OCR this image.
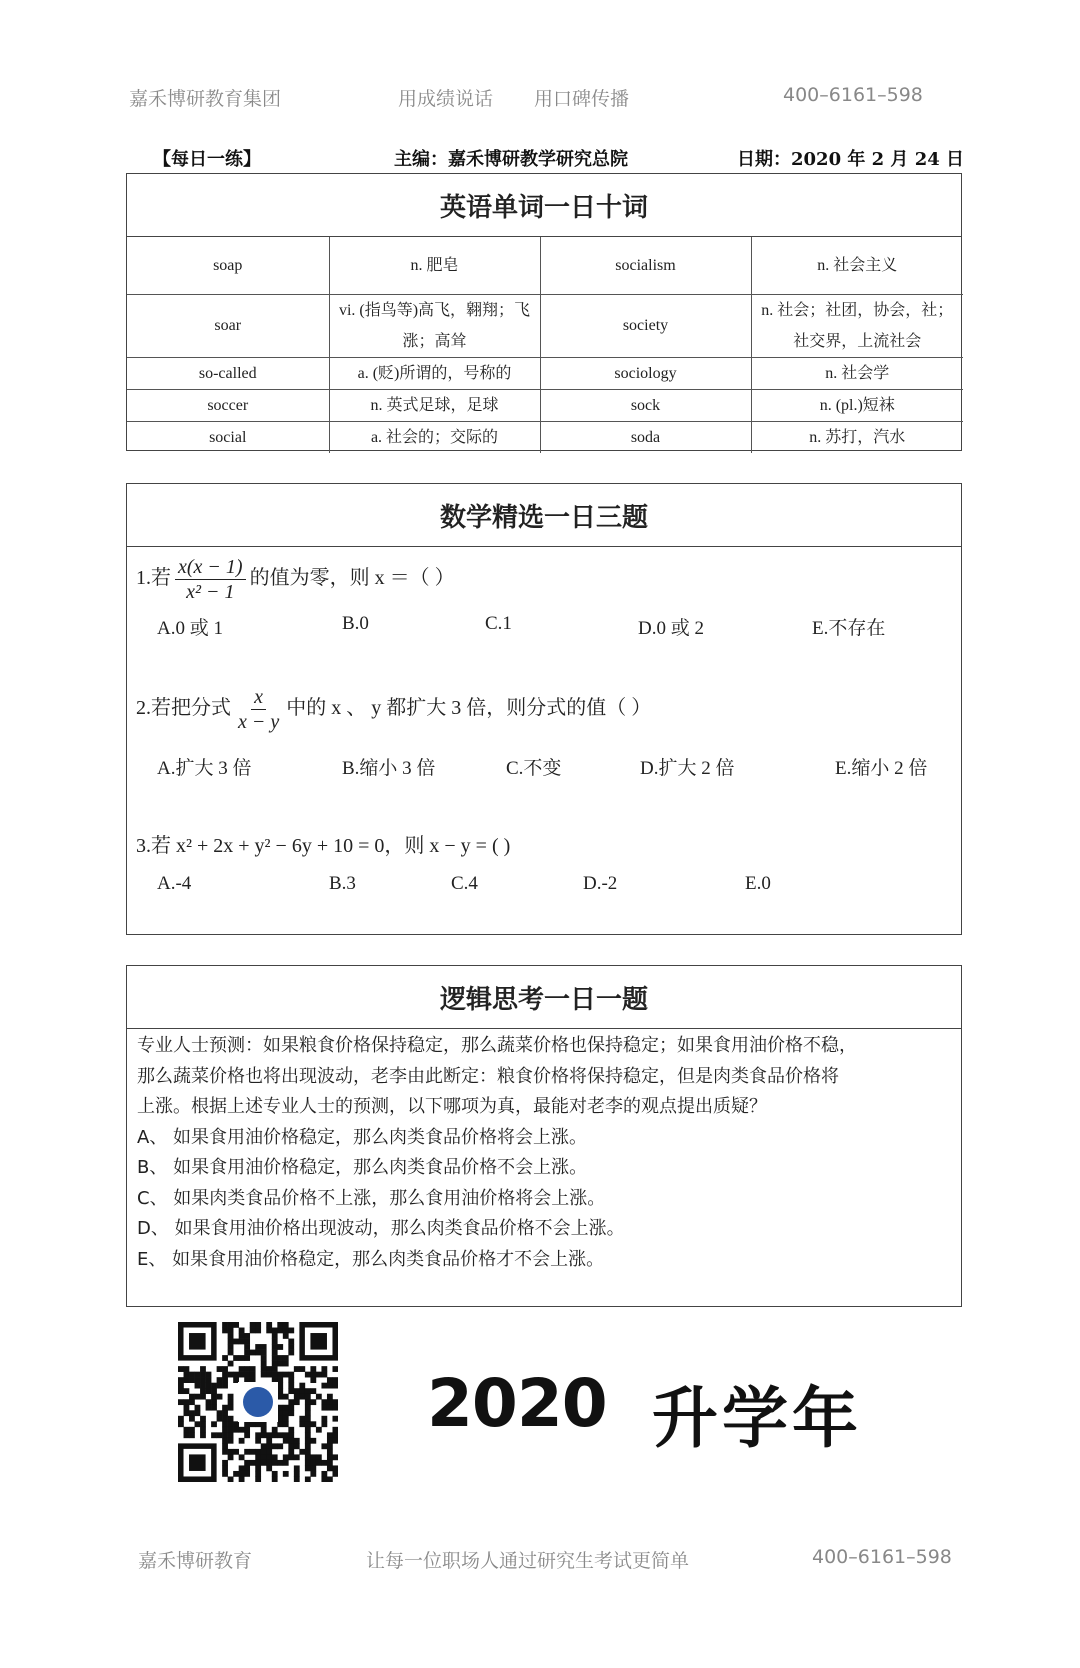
嘉禾博研教育集团	用成绩说话 用口碑传播	400–6161–598
【每日一练】	主编：嘉禾博研教学研究总院	日期：2020 年 2 月 24 日
英语单词一日十词
soap	n. 肥皂	socialism	n. 社会主义
soar	vi. (指鸟等)高飞，翱翔；飞涨；高耸	society	n. 社会；社团，协会，社；社交界，上流社会
so-called	a. (贬)所谓的，号称的	sociology	n. 社会学
soccer	n. 英式足球，足球	sock	n. (pl.)短袜
social	a. 社会的；交际的	soda	n. 苏打，汽水
数学精选一日三题
1.若 $\frac{x(x - 1)}{\text{x² − 1}}$ 的值为零，则 x ＝（ ）
A.0 或 1	B.0	C.1	D.0 或 2	E.不存在
2.若把分式 $\frac{x}{x - y}$ 中的 x 、 y 都扩大 3 倍，则分式的值（ ）
A.扩大 3 倍	B.缩小 3 倍	C.不变	D.扩大 2 倍	E.缩小 2 倍
3.若 x² + 2x + y² − 6y + 10 = 0，则 x − y = ( )
A.-4	B.3	C.4	D.-2	E.0
逻辑思考一日一题

专业人士预测：如果粮食价格保持稳定，那么蔬菜价格也保持稳定；如果食用油价格不稳，

那么蔬菜价格也将出现波动，老李由此断定：粮食价格将保持稳定，但是肉类食品价格将

上涨。根据上述专业人士的预测，以下哪项为真，最能对老李的观点提出质疑？

A、 如果食用油价格稳定，那么肉类食品价格将会上涨。
B、 如果食用油价格稳定，那么肉类食品价格不会上涨。
C、 如果肉类食品价格不上涨，那么食用油价格将会上涨。
D、 如果食用油价格出现波动，那么肉类食品价格不会上涨。
E、 如果食用油价格稳定，那么肉类食品价格才不会上涨。
2020 升学年
嘉禾博研教育	让每一位职场人通过研究生考试更简单	400–6161–598
